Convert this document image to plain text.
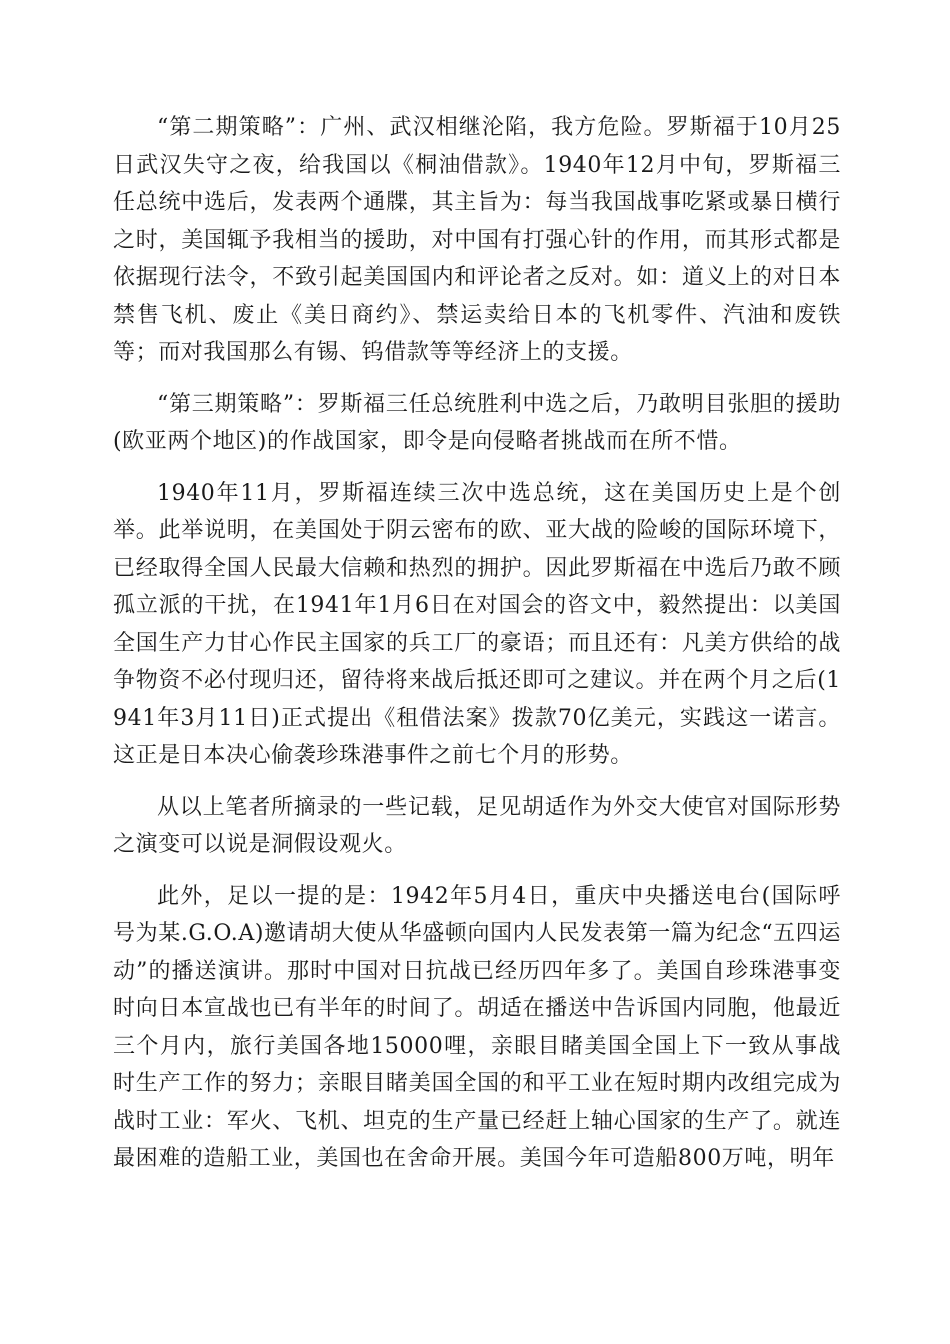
“第二期策略”：广州、武汉相继沦陷，我方危险。罗斯福于10月25日武汉失守之夜，给我国以《桐油借款》。1940年12月中旬，罗斯福三任总统中选后，发表两个通牒，其主旨为：每当我国战事吃紧或暴日横行之时，美国辄予我相当的援助，对中国有打强心针的作用，而其形式都是依据现行法令，不致引起美国国内和评论者之反对。如：道义上的对日本禁售飞机、废止《美日商约》、禁运卖给日本的飞机零件、汽油和废铁等；而对我国那么有锡、钨借款等等经济上的支援。

“第三期策略”：罗斯福三任总统胜利中选之后，乃敢明目张胆的援助(欧亚两个地区)的作战国家，即令是向侵略者挑战而在所不惜。

1940年11月，罗斯福连续三次中选总统，这在美国历史上是个创举。此举说明，在美国处于阴云密布的欧、亚大战的险峻的国际环境下，已经取得全国人民最大信赖和热烈的拥护。因此罗斯福在中选后乃敢不顾孤立派的干扰，在1941年1月6日在对国会的咨文中，毅然提出：以美国全国生产力甘心作民主国家的兵工厂的豪语；而且还有：凡美方供给的战争物资不必付现归还，留待将来战后抵还即可之建议。并在两个月之后(1941年3月11日)正式提出《租借法案》拨款70亿美元，实践这一诺言。这正是日本决心偷袭珍珠港事件之前七个月的形势。

从以上笔者所摘录的一些记载，足见胡适作为外交大使官对国际形势之演变可以说是洞假设观火。

此外，足以一提的是：1942年5月4日，重庆中央播送电台(国际呼号为某.G.O.A)邀请胡大使从华盛顿向国内人民发表第一篇为纪念“五四运动”的播送演讲。那时中国对日抗战已经历四年多了。美国自珍珠港事变时向日本宣战也已有半年的时间了。胡适在播送中告诉国内同胞，他最近三个月内，旅行美国各地15000哩，亲眼目睹美国全国上下一致从事战时生产工作的努力；亲眼目睹美国全国的和平工业在短时期内改组完成为战时工业：军火、飞机、坦克的生产量已经赶上轴心国家的生产了。就连最困难的造船工业，美国也在舍命开展。美国今年可造船800万吨，明年
